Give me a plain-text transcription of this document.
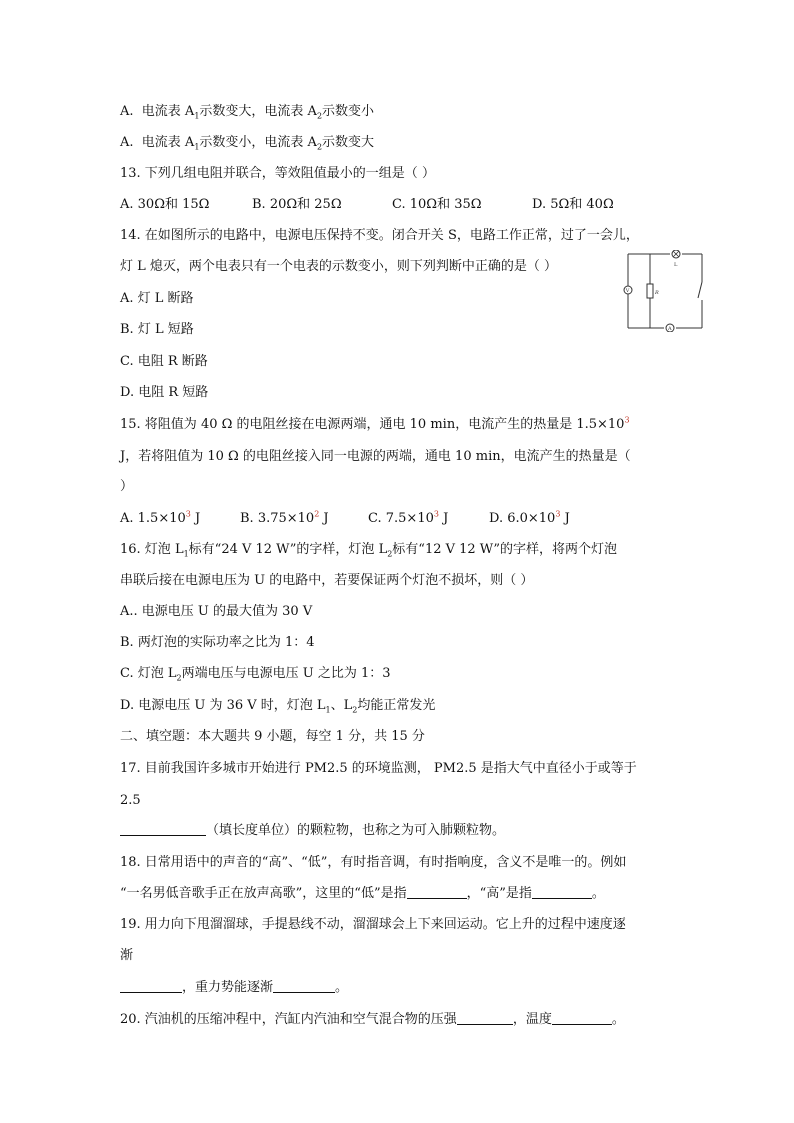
A. 电流表 $A_1$示数变大，电流表 $A_2$示数变小
A. 电流表 $A_1$示数变小，电流表 $A_2$示数变大
13. 下列几组电阻并联合，等效阻值最小的一组是（ ）
A. 30Ω和 15Ω	B. 20Ω和 25Ω	C. 10Ω和 35Ω	D. 5Ω和 40Ω
14. 在如图所示的电路中，电源电压保持不变。闭合开关 S，电路工作正常，过了一会儿，
灯 L 熄灭，两个电表只有一个电表的示数变小，则下列判断中正确的是（ ）
A. 灯 L 断路
B. 灯 L 短路
C. 电阻 R 断路
D. 电阻 R 短路
L
V	R
A
15. 将阻值为 40 Ω 的电阻丝接在电源两端，通电 10 min，电流产生的热量是 $1.5\times 10^3$
J，若将阻值为 10 Ω 的电阻丝接入同一电源的两端，通电 10 min，电流产生的热量是（
）
A. $1.5\times 10^3$ J	B. $3.75\times 10^2$ J	C. $7.5\times 10^3$ J	D. $6.0\times 10^3$ J
16. 灯泡 $L_1$标有“24 V 12 W”的字样，灯泡 $L_2$标有“12 V 12 W”的字样，将两个灯泡
串联后接在电源电压为 U 的电路中，若要保证两个灯泡不损坏，则（ ）
A.. 电源电压 U 的最大值为 30 V
B. 两灯泡的实际功率之比为 1：4
C. 灯泡 $L_2$两端电压与电源电压 U 之比为 1：3
D. 电源电压 U 为 36 V 时，灯泡 $L_1$、$L_2$均能正常发光
二、填空题：本大题共 9 小题，每空 1 分，共 15 分
17. 目前我国许多城市开始进行 PM2.5 的环境监测， PM2.5 是指大气中直径小于或等于
2.5
（填长度单位）的颗粒物，也称之为可入肺颗粒物。
18. 日常用语中的声音的“高”、“低”，有时指音调，有时指响度，含义不是唯一的。例如
“一名男低音歌手正在放声高歌”，这里的“低”是指	，“高”是指	。
19. 用力向下甩溜溜球，手提悬线不动，溜溜球会上下来回运动。它上升的过程中速度逐
渐
，重力势能逐渐	。
20. 汽油机的压缩冲程中，汽缸内汽油和空气混合物的压强	，温度	。
